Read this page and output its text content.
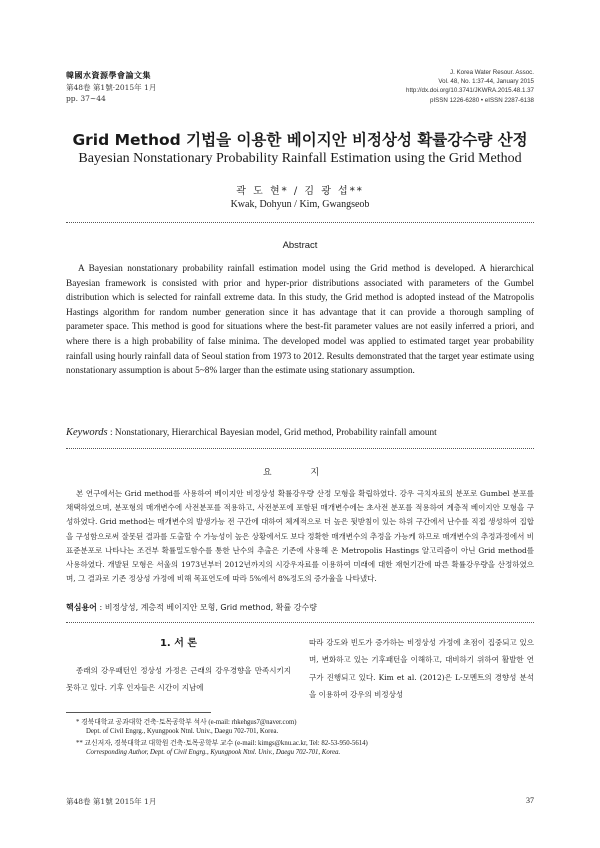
韓國水資源學會論文集
第48卷 第1號·2015年 1月
pp. 37~44
J. Korea Water Resour. Assoc.
Vol. 48, No. 1:37-44, January 2015
http://dx.doi.org/10.3741/JKWRA.2015.48.1.37
pISSN 1226-6280 • eISSN 2287-6138
Grid Method 기법을 이용한 베이지안 비정상성 확률강수량 산정
Bayesian Nonstationary Probability Rainfall Estimation using the Grid Method
곽 도 현* / 김 광 섭**
Kwak, Dohyun / Kim, Gwangseob
Abstract

A Bayesian nonstationary probability rainfall estimation model using the Grid method is developed. A hierarchical Bayesian framework is consisted with prior and hyper-prior distributions associated with parameters of the Gumbel distribution which is selected for rainfall extreme data. In this study, the Grid method is adopted instead of the Matropolis Hastings algorithm for random number generation since it has advantage that it can provide a thorough sampling of parameter space. This method is good for situations where the best-fit parameter values are not easily inferred a priori, and where there is a high probability of false minima. The developed model was applied to estimated target year probability rainfall using hourly rainfall data of Seoul station from 1973 to 2012. Results demonstrated that the target year estimate using nonstationary assumption is about 5~8% larger than the estimate using stationary assumption.

Keywords : Nonstationary, Hierarchical Bayesian model, Grid method, Probability rainfall amount
요 지

본 연구에서는 Grid method를 사용하여 베이지안 비정상성 확률강우량 산정 모형을 확립하였다. 강우 극치자료의 분포로 Gumbel 분포를 채택하였으며, 분포형의 매개변수에 사전분포를 적용하고, 사전분포에 포함된 매개변수에는 초사전 분포를 적용하여 계층적 베이지안 모형을 구성하였다. Grid method는 매개변수의 발생가능 전 구간에 대하여 체계적으로 더 높은 뒷받침이 있는 하위 구간에서 난수를 직접 생성하여 집합을 구성함으로써 잘못된 결과를 도출할 수 가능성이 높은 상황에서도 보다 정확한 매개변수의 추정을 가능케 하므로 매개변수의 추정과정에서 비표준분포로 나타나는 조건부 확률밀도함수를 통한 난수의 추출은 기존에 사용해 온 Metropolis Hastings 알고리즘이 아닌 Grid method를 사용하였다. 개발된 모형은 서울의 1973년부터 2012년까지의 시강우자료를 이용하여 미래에 대한 재현기간에 따른 확률강우량을 산정하였으며, 그 결과로 기존 정상성 가정에 비해 목표연도에 따라 5%에서 8%정도의 증가율을 나타냈다.

핵심용어 : 비정상성, 계층적 베이지안 모형, Grid method, 확률 강수량
1. 서 론

종래의 강우패턴인 정상성 가정은 근래의 강우경향을 만족시키지 못하고 있다. 기후 인자들은 시간이 지남에

따라 강도와 빈도가 증가하는 비정상성 가정에 초점이 집중되고 있으며, 변화하고 있는 기후패턴을 이해하고, 대비하기 위하여 활발한 연구가 진행되고 있다. Kim et al. (2012)은 L-모멘트의 경향성 분석을 이용하여 강우의 비정상성

* 경북대학교 공과대학 건축·토목공학부 석사 (e-mail: rhkehgus7@naver.com)
Dept. of Civil Engrg., Kyungpook Ntnl. Univ., Daegu 702-701, Korea.
** 교신저자, 경북대학교 대학원 건축·토목공학부 교수 (e-mail: kimgs@knu.ac.kr, Tel: 82-53-950-5614)
Corresponding Author, Dept. of Civil Engrg., Kyungpook Ntnl. Univ., Daegu 702-701, Korea.
第48卷 第1號 2015年 1月	37
